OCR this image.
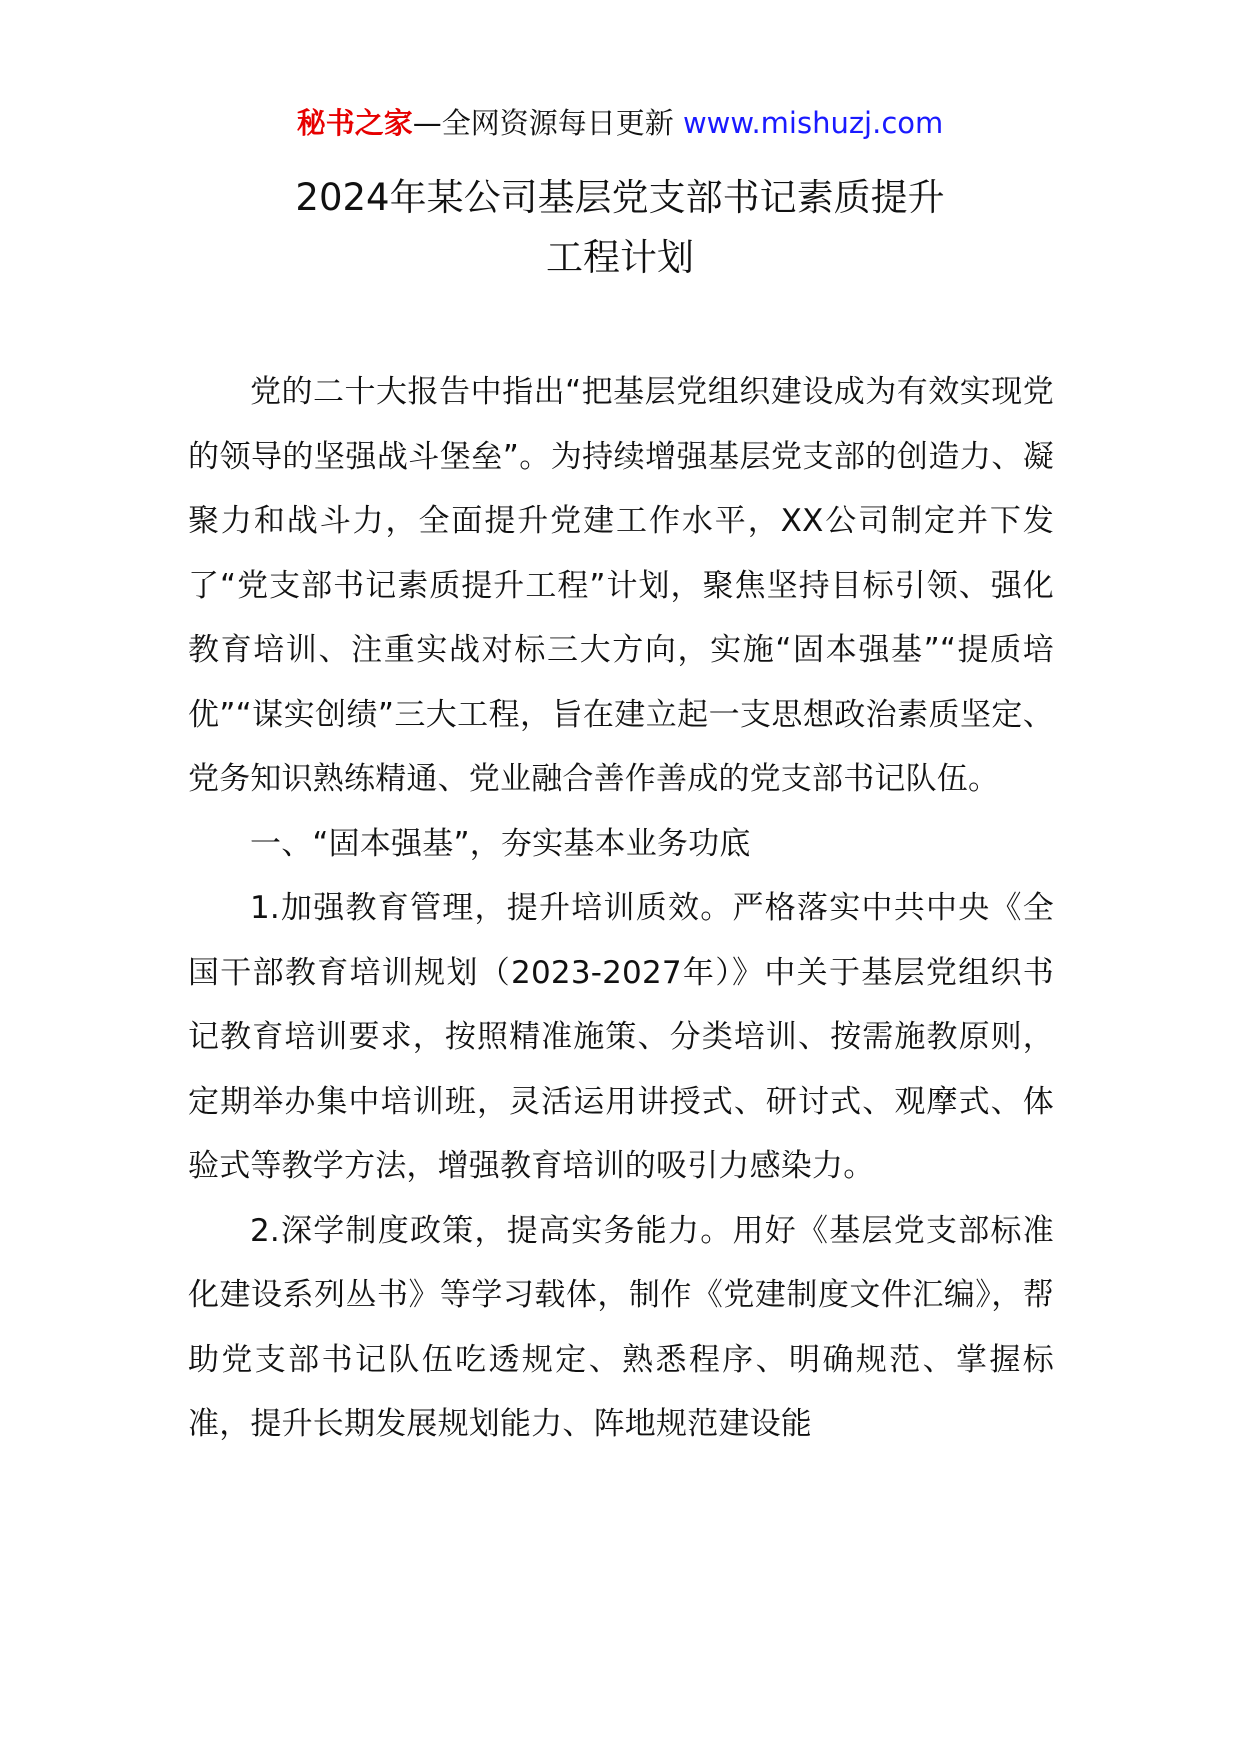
秘书之家—全网资源每日更新 www.mishuzj.com
2024年某公司基层党支部书记素质提升
工程计划

党的二十大报告中指出“把基层党组织建设成为有效实现党的领导的坚强战斗堡垒”。为持续增强基层党支部的创造力、凝聚力和战斗力，全面提升党建工作水平，XX公司制定并下发了“党支部书记素质提升工程”计划，聚焦坚持目标引领、强化教育培训、注重实战对标三大方向，实施“固本强基”“提质培优”“谋实创绩”三大工程，旨在建立起一支思想政治素质坚定、党务知识熟练精通、党业融合善作善成的党支部书记队伍。

一、“固本强基”，夯实基本业务功底

1.加强教育管理，提升培训质效。严格落实中共中央《全国干部教育培训规划（2023-2027年）》中关于基层党组织书记教育培训要求，按照精准施策、分类培训、按需施教原则，定期举办集中培训班，灵活运用讲授式、研讨式、观摩式、体验式等教学方法，增强教育培训的吸引力感染力。

2.深学制度政策，提高实务能力。用好《基层党支部标准化建设系列丛书》等学习载体，制作《党建制度文件汇编》，帮助党支部书记队伍吃透规定、熟悉程序、明确规范、掌握标准，提升长期发展规划能力、阵地规范建设能
